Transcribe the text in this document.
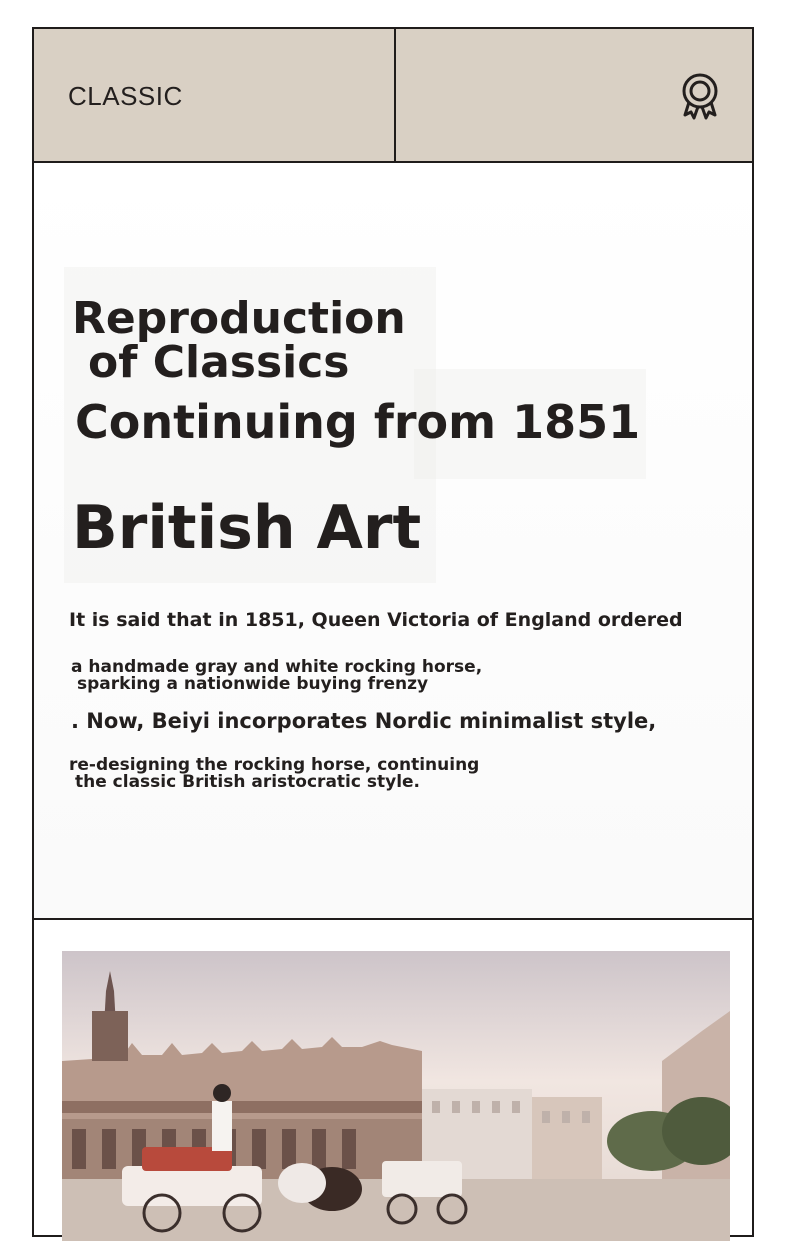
CLASSIC
Reproduction
of Classics
Continuing from 1851
British Art

It is said that in 1851, Queen Victoria of England ordered

a handmade gray and white rocking horse,

sparking a nationwide buying frenzy

. Now, Beiyi incorporates Nordic minimalist style,

re-designing the rocking horse, continuing

the classic British aristocratic style.
